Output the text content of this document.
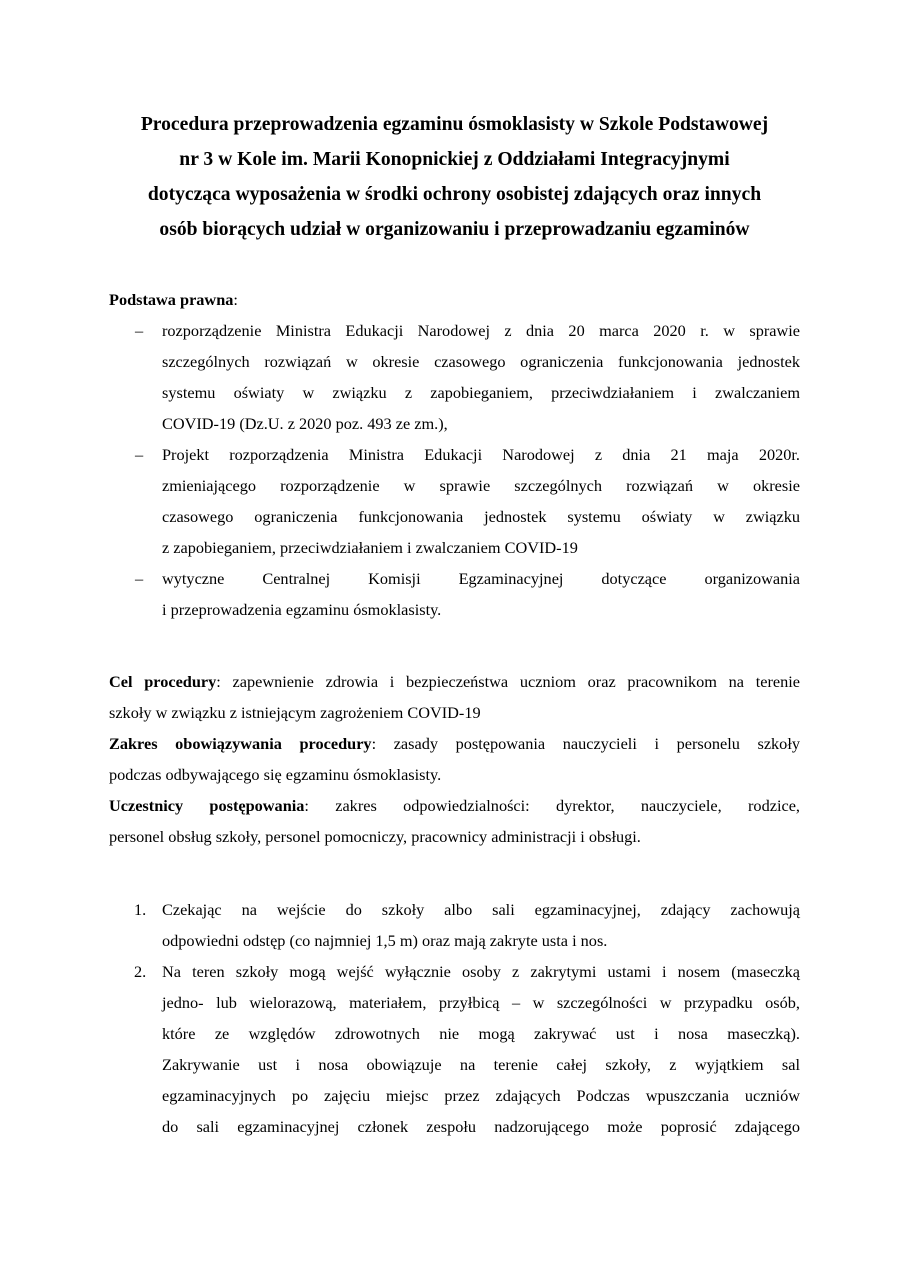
Procedura przeprowadzenia egzaminu ósmoklasisty w Szkole Podstawowej
nr 3 w Kole im. Marii Konopnickiej z Oddziałami Integracyjnymi
dotycząca wyposażenia w środki ochrony osobistej zdających oraz innych
osób biorących udział w organizowaniu i przeprowadzaniu egzaminów
Podstawa prawna:
– rozporządzenie Ministra Edukacji Narodowej z dnia 20 marca 2020 r. w sprawie
szczególnych rozwiązań w okresie czasowego ograniczenia funkcjonowania jednostek
systemu oświaty w związku z zapobieganiem, przeciwdziałaniem i zwalczaniem
COVID-19 (Dz.U. z 2020 poz. 493 ze zm.),
– Projekt rozporządzenia Ministra Edukacji Narodowej z dnia 21 maja 2020r.
zmieniającego rozporządzenie w sprawie szczególnych rozwiązań w okresie
czasowego ograniczenia funkcjonowania jednostek systemu oświaty w związku
z zapobieganiem, przeciwdziałaniem i zwalczaniem COVID-19
– wytyczne Centralnej Komisji Egzaminacyjnej dotyczące organizowania
i przeprowadzenia egzaminu ósmoklasisty.
Cel procedury: zapewnienie zdrowia i bezpieczeństwa uczniom oraz pracownikom na terenie
szkoły w związku z istniejącym zagrożeniem COVID-19
Zakres obowiązywania procedury: zasady postępowania nauczycieli i personelu szkoły
podczas odbywającego się egzaminu ósmoklasisty.
Uczestnicy postępowania: zakres odpowiedzialności: dyrektor, nauczyciele, rodzice,
personel obsług szkoły, personel pomocniczy, pracownicy administracji i obsługi.
1. Czekając na wejście do szkoły albo sali egzaminacyjnej, zdający zachowują
odpowiedni odstęp (co najmniej 1,5 m) oraz mają zakryte usta i nos.
2. Na teren szkoły mogą wejść wyłącznie osoby z zakrytymi ustami i nosem (maseczką
jedno- lub wielorazową, materiałem, przyłbicą – w szczególności w przypadku osób,
które ze względów zdrowotnych nie mogą zakrywać ust i nosa maseczką).
Zakrywanie ust i nosa obowiązuje na terenie całej szkoły, z wyjątkiem sal
egzaminacyjnych po zajęciu miejsc przez zdających Podczas wpuszczania uczniów
do sali egzaminacyjnej członek zespołu nadzorującego może poprosić zdającego
